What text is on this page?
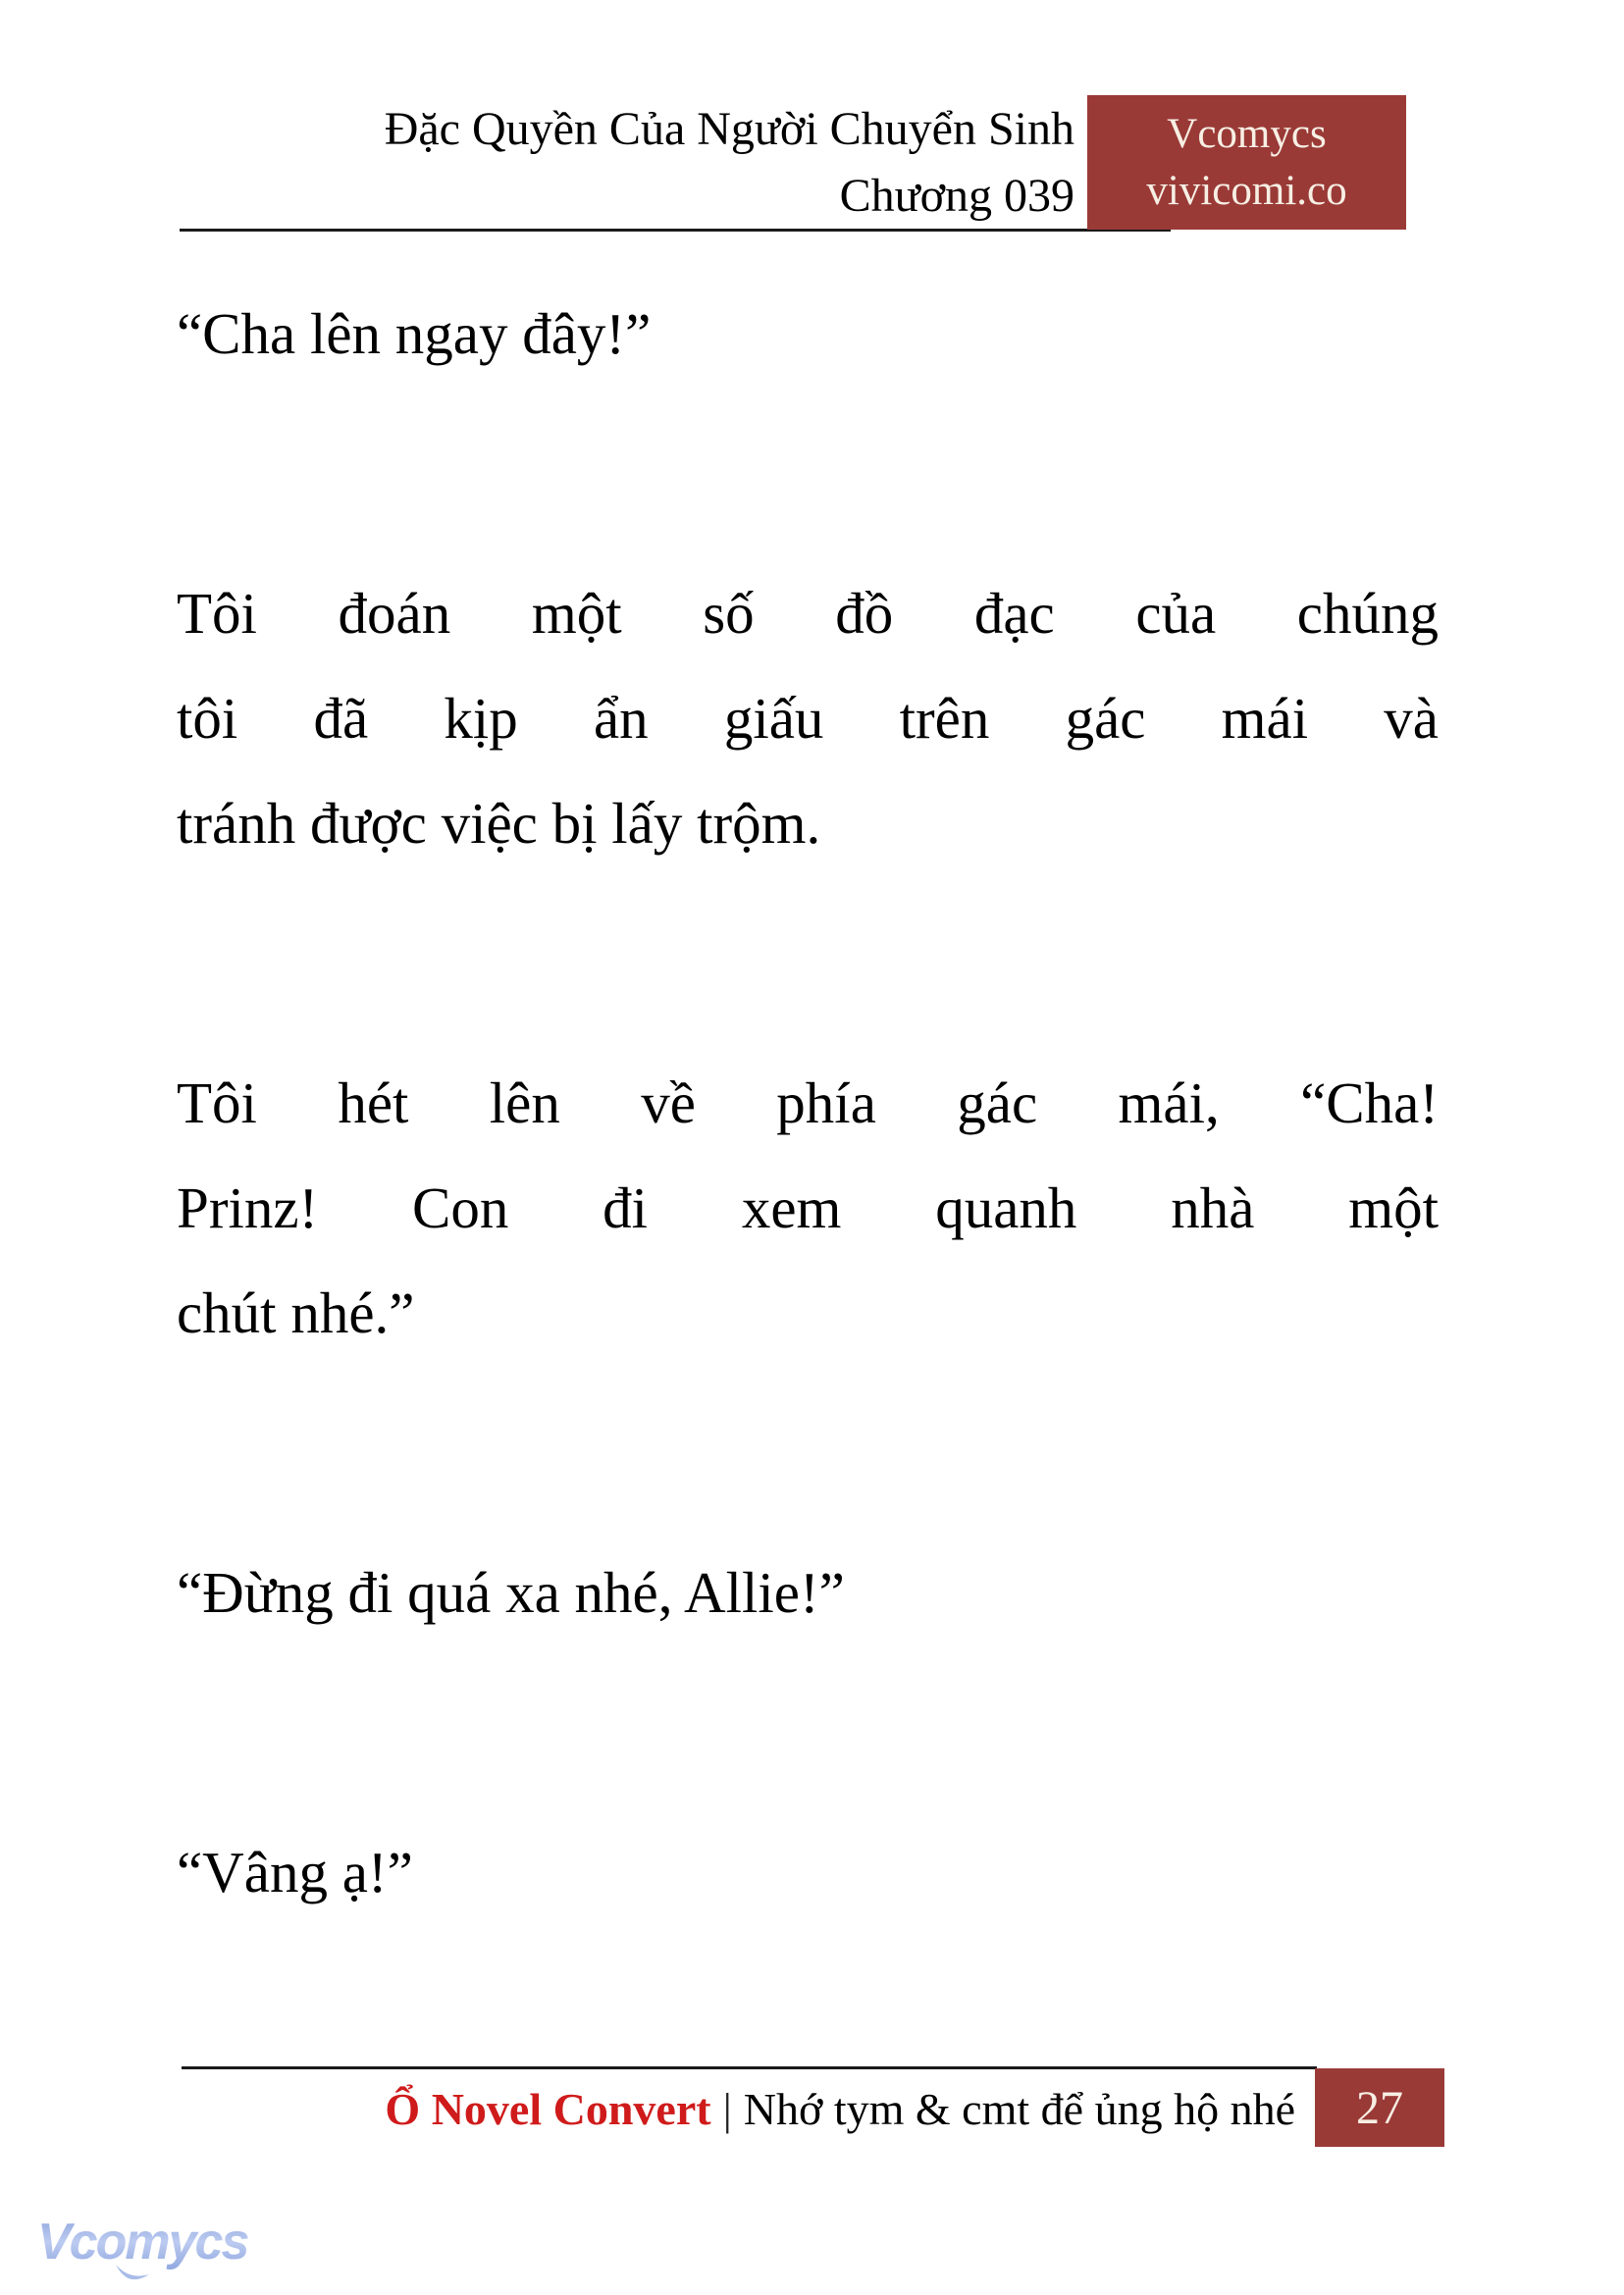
Đặc Quyền Của Người Chuyển Sinh
Chương 039
Vcomycs
vivicomi.co

“Cha lên ngay đây!”

Tôi đoán một số đồ đạc của chúng
tôi đã kịp ẩn giấu trên gác mái và
tránh được việc bị lấy trộm.

Tôi hét lên về phía gác mái, “Cha!
Prinz! Con đi xem quanh nhà một
chút nhé.”

“Đừng đi quá xa nhé, Allie!”

“Vâng ạ!”

Ổ Novel Convert | Nhớ tym & cmt để ủng hộ nhé 27
Vcomycs
